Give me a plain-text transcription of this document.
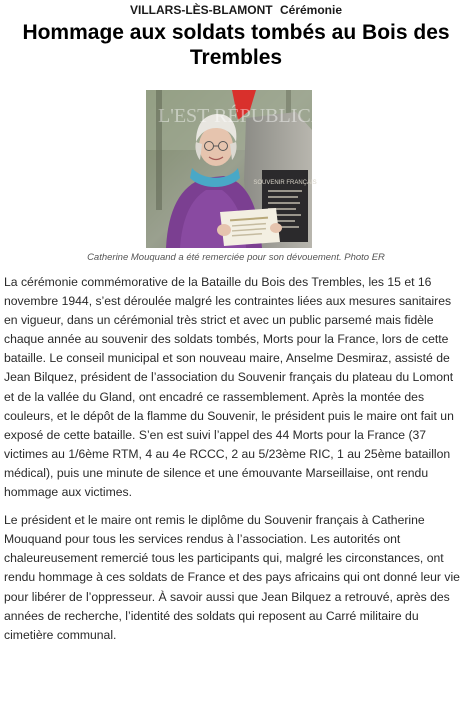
VILLARS-LÈS-BLAMONT Cérémonie
Hommage aux soldats tombés au Bois des Trembles
SOUVENIR FRANÇAIS
L'EST RÉPUBLICAIN
Catherine Mouquand a été remerciée pour son dévouement. Photo ER

La cérémonie commémorative de la Bataille du Bois des Trembles, les 15 et 16 novembre 1944, s’est déroulée malgré les contraintes liées aux mesures sanitaires en vigueur, dans un cérémonial très strict et avec un public parsemé mais fidèle chaque année au souvenir des soldats tombés, Morts pour la France, lors de cette bataille. Le conseil municipal et son nouveau maire, Anselme Desmiraz, assisté de Jean Bilquez, président de l’association du Souvenir français du plateau du Lomont et de la vallée du Gland, ont encadré ce rassemblement. Après la montée des couleurs, et le dépôt de la flamme du Souvenir, le président puis le maire ont fait un exposé de cette bataille. S’en est suivi l’appel des 44 Morts pour la France (37 victimes au 1/6ème RTM, 4 au 4e RCCC, 2 au 5/23ème RIC, 1 au 25ème bataillon médical), puis une minute de silence et une émouvante Marseillaise, ont rendu hommage aux victimes.

Le président et le maire ont remis le diplôme du Souvenir français à Catherine Mouquand pour tous les services rendus à l’association. Les autorités ont chaleureusement remercié tous les participants qui, malgré les circonstances, ont rendu hommage à ces soldats de France et des pays africains qui ont donné leur vie pour libérer de l’oppresseur. À savoir aussi que Jean Bilquez a retrouvé, après des années de recherche, l’identité des soldats qui reposent au Carré militaire du cimetière communal.
